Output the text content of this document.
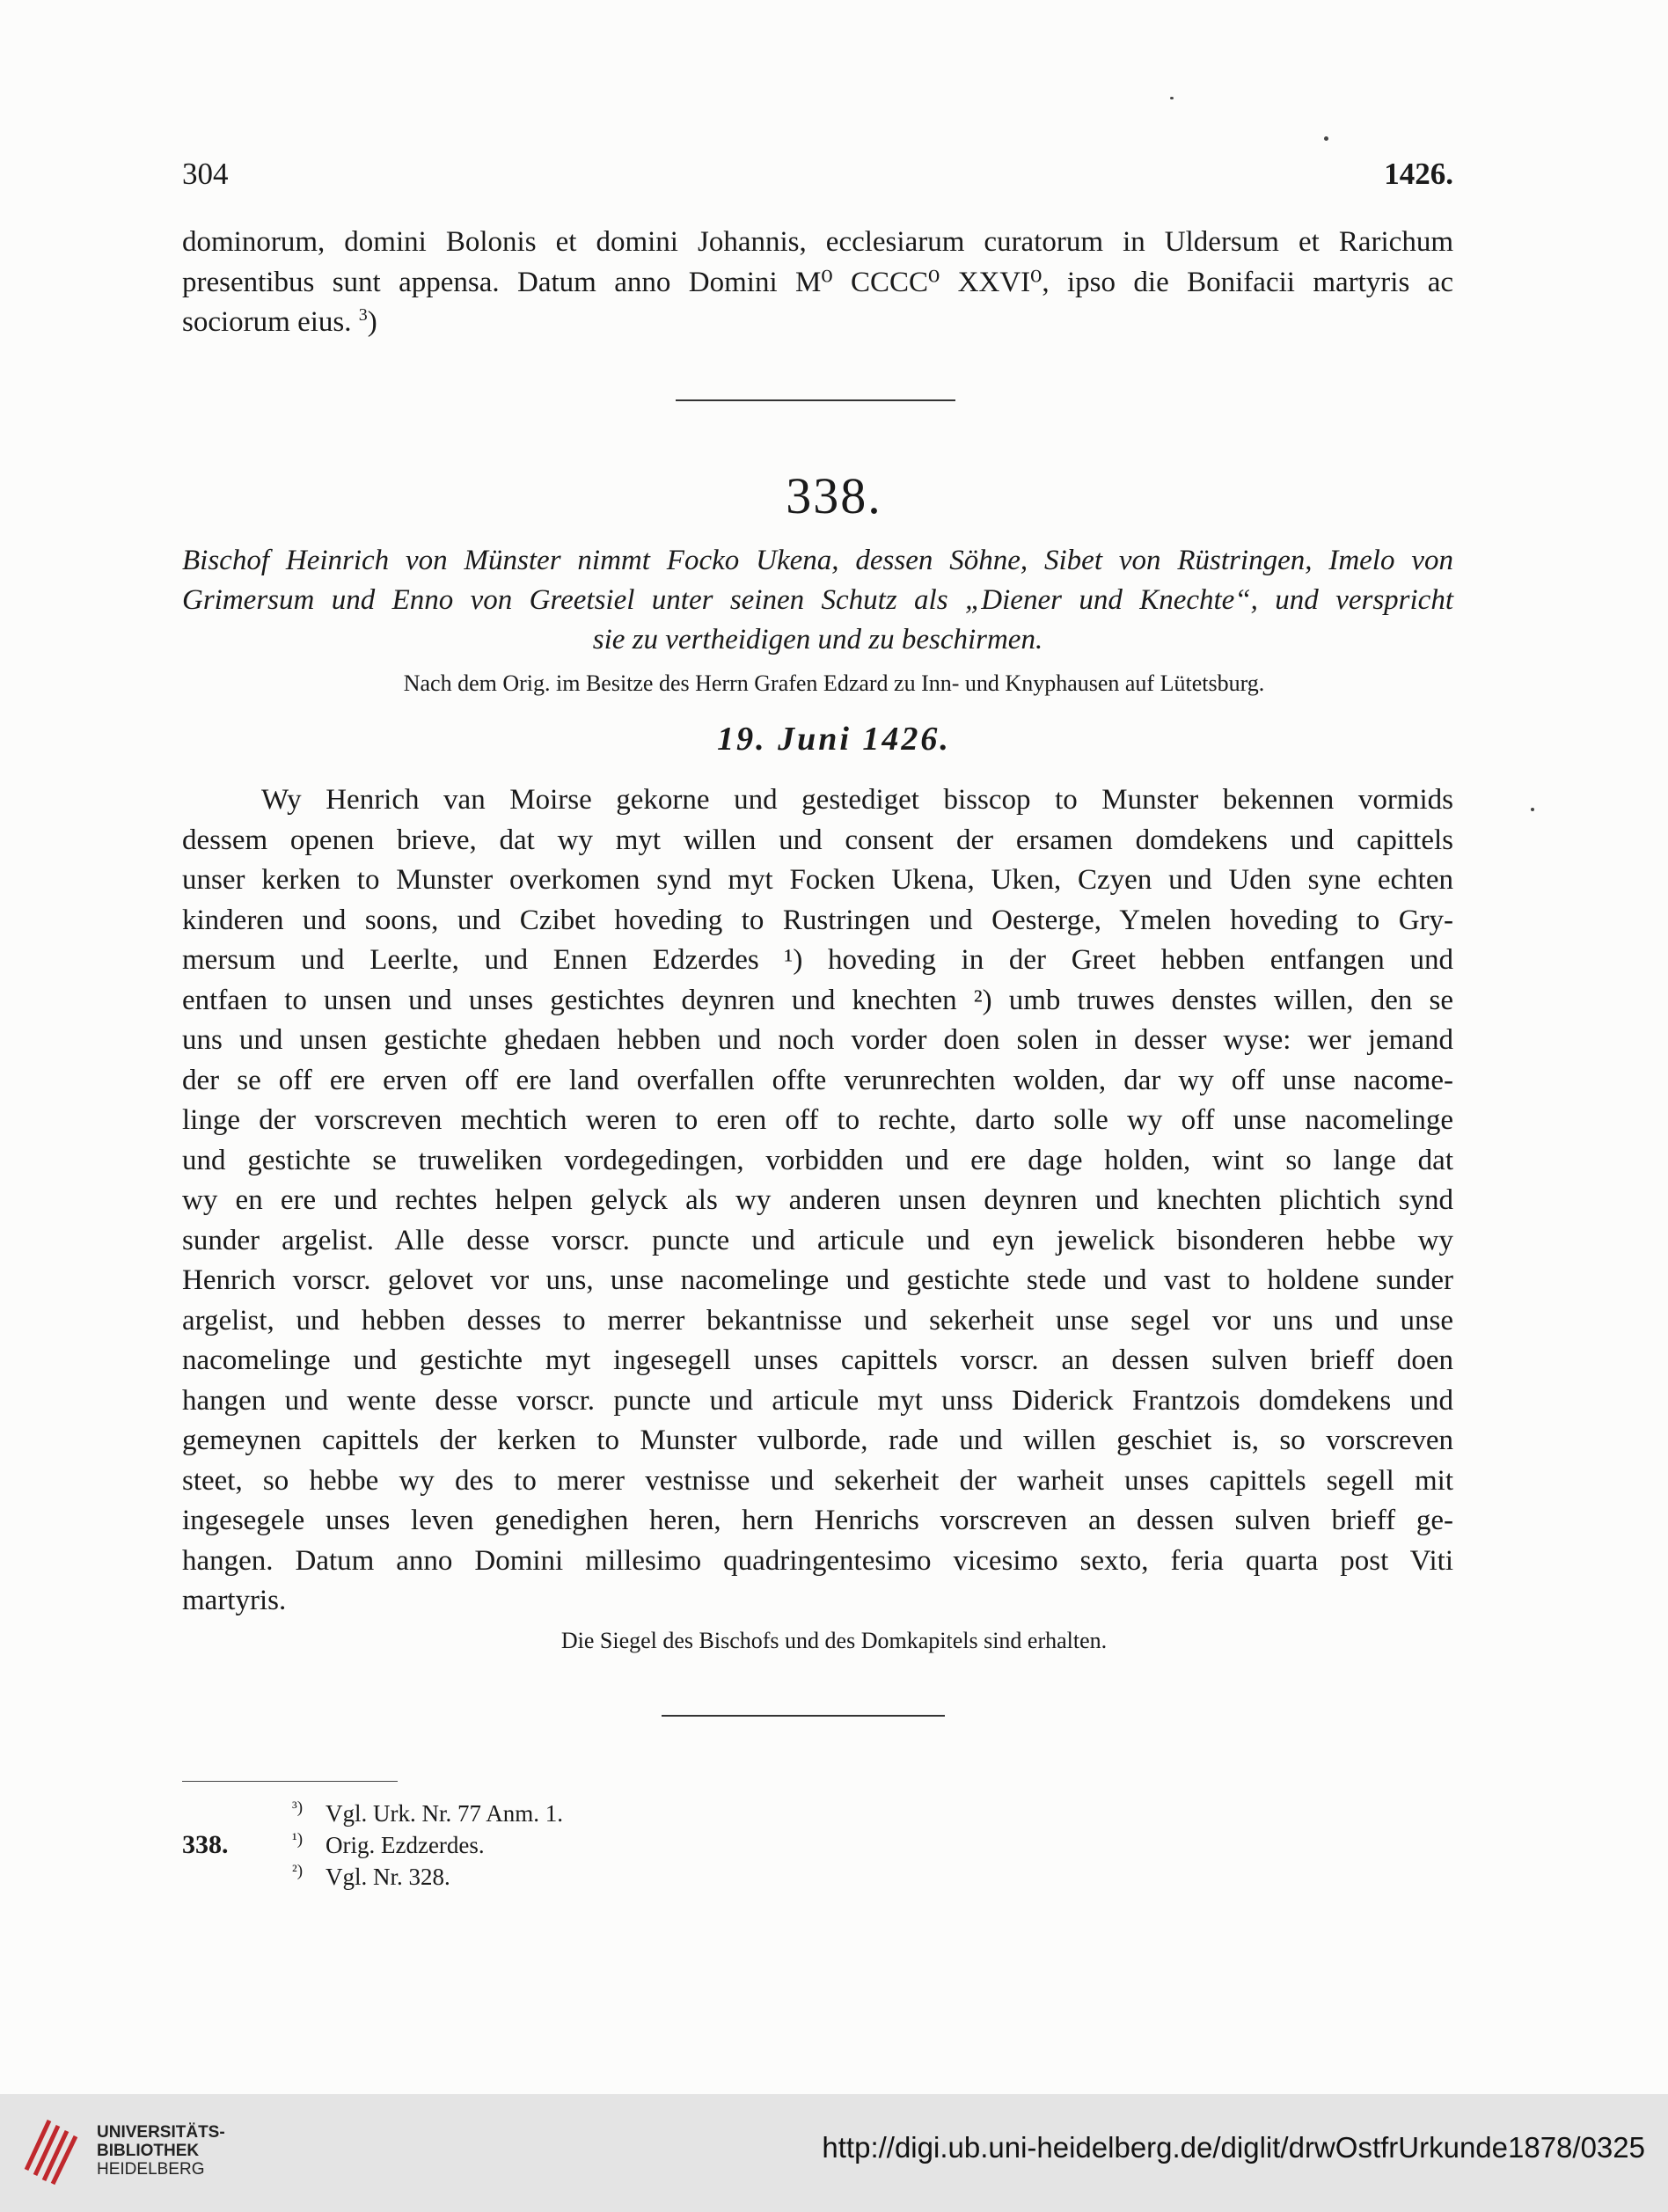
304	1426.
dominorum, domini Bolonis et domini Johannis, ecclesiarum curatorum in Uldersum et Rarichum
presentibus sunt appensa. Datum anno Domini M⁰ CCCC⁰ XXVI⁰, ipso die Bonifacii martyris ac
sociorum eius. $^3$)
338.
Bischof Heinrich von Münster nimmt Focko Ukena, dessen Söhne, Sibet von Rüstringen, Imelo von
Grimersum und Enno von Greetsiel unter seinen Schutz als „Diener und Knechte“, und verspricht
sie zu vertheidigen und zu beschirmen.
Nach dem Orig. im Besitze des Herrn Grafen Edzard zu Inn- und Knyphausen auf Lütetsburg.
19. Juni 1426.
Wy Henrich van Moirse gekorne und gestediget bisscop to Munster bekennen vormids
dessem openen brieve, dat wy myt willen und consent der ersamen domdekens und capittels
unser kerken to Munster overkomen synd myt Focken Ukena, Uken, Czyen und Uden syne echten
kinderen und soons, und Czibet hoveding to Rustringen und Oesterge, Ymelen hoveding to Gry-
mersum und Leerlte, und Ennen Edzerdes ¹) hoveding in der Greet hebben entfangen und
entfaen to unsen und unses gestichtes deynren und knechten ²) umb truwes denstes willen, den se
uns und unsen gestichte ghedaen hebben und noch vorder doen solen in desser wyse: wer jemand
der se off ere erven off ere land overfallen offte verunrechten wolden, dar wy off unse nacome-
linge der vorscreven mechtich weren to eren off to rechte, darto solle wy off unse nacomelinge
und gestichte se truweliken vordegedingen, vorbidden und ere dage holden, wint so lange dat
wy en ere und rechtes helpen gelyck als wy anderen unsen deynren und knechten plichtich synd
sunder argelist. Alle desse vorscr. puncte und articule und eyn jewelick bisonderen hebbe wy
Henrich vorscr. gelovet vor uns, unse nacomelinge und gestichte stede und vast to holdene sunder
argelist, und hebben desses to merrer bekantnisse und sekerheit unse segel vor uns und unse
nacomelinge und gestichte myt ingesegell unses capittels vorscr. an dessen sulven brieff doen
hangen und wente desse vorscr. puncte und articule myt unss Diderick Frantzois domdekens und
gemeynen capittels der kerken to Munster vulborde, rade und willen geschiet is, so vorscreven
steet, so hebbe wy des to merer vestnisse und sekerheit der warheit unses capittels segell mit
ingesegele unses leven genedighen heren, hern Henrichs vorscreven an dessen sulven brieff ge-
hangen. Datum anno Domini millesimo quadringentesimo vicesimo sexto, feria quarta post Viti
martyris.
Die Siegel des Bischofs und des Domkapitels sind erhalten.
³) Vgl. Urk. Nr. 77 Anm. 1.
338.	¹) Orig. Ezdzerdes.
²) Vgl. Nr. 328.
UNIVERSITÄTS-
BIBLIOTHEK
HEIDELBERG
http://digi.ub.uni-heidelberg.de/diglit/drwOstfrUrkunde1878/0325
